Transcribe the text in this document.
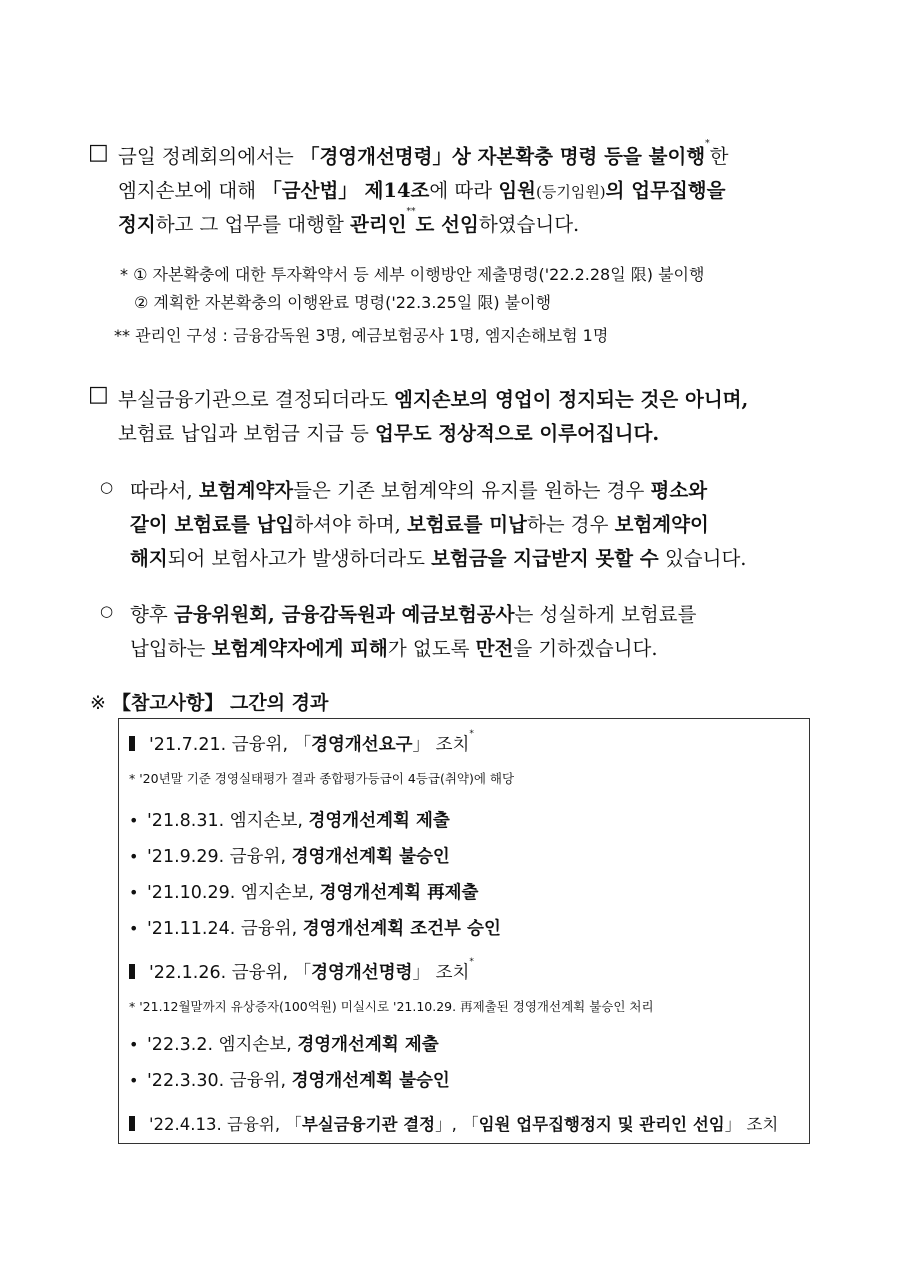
□ 금일 정례회의에서는 「경영개선명령」상 자본확충 명령 등을 불이행*한
엠지손보에 대해 「금산법」 제14조에 따라 임원(등기임원)의 업무집행을
정지하고 그 업무를 대행할 관리인**도 선임하였습니다.
* ① 자본확충에 대한 투자확약서 등 세부 이행방안 제출명령('22.2.28일 限) 불이행
② 계획한 자본확충의 이행완료 명령('22.3.25일 限) 불이행
** 관리인 구성 : 금융감독원 3명, 예금보험공사 1명, 엠지손해보험 1명
□ 부실금융기관으로 결정되더라도 엠지손보의 영업이 정지되는 것은 아니며,
보험료 납입과 보험금 지급 등 업무도 정상적으로 이루어집니다.
○ 따라서, 보험계약자들은 기존 보험계약의 유지를 원하는 경우 평소와
같이 보험료를 납입하셔야 하며, 보험료를 미납하는 경우 보험계약이
해지되어 보험사고가 발생하더라도 보험금을 지급받지 못할 수 있습니다.
○ 향후 금융위원회, 금융감독원과 예금보험공사는 성실하게 보험료를
납입하는 보험계약자에게 피해가 없도록 만전을 기하겠습니다.
※ 【참고사항】 그간의 경과
'21.7.21. 금융위, 「경영개선요구」 조치*
* '20년말 기준 경영실태평가 결과 종합평가등급이 4등급(취약)에 해당
• '21.8.31. 엠지손보, 경영개선계획 제출
• '21.9.29. 금융위, 경영개선계획 불승인
• '21.10.29. 엠지손보, 경영개선계획 再제출
• '21.11.24. 금융위, 경영개선계획 조건부 승인
'22.1.26. 금융위, 「경영개선명령」 조치*
* '21.12월말까지 유상증자(100억원) 미실시로 '21.10.29. 再제출된 경영개선계획 불승인 처리
• '22.3.2. 엠지손보, 경영개선계획 제출
• '22.3.30. 금융위, 경영개선계획 불승인
'22.4.13. 금융위, 「부실금융기관 결정」, 「임원 업무집행정지 및 관리인 선임」 조치
